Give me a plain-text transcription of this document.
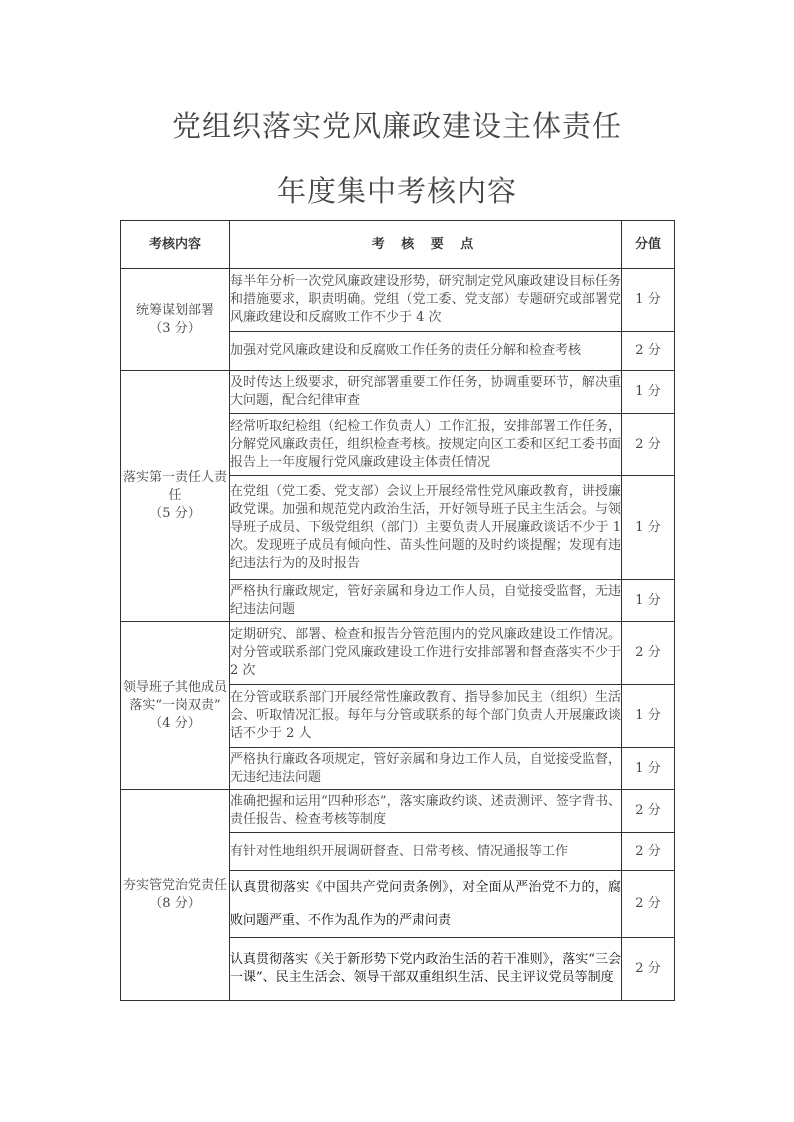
党组织落实党风廉政建设主体责任
年度集中考核内容
考核内容	考 核 要 点	分值

统筹谋划部署
（3 分）	每半年分析一次党风廉政建设形势，研究制定党风廉政建设目标任务和措施要求，职责明确。党组（党工委、党支部）专题研究或部署党风廉政建设和反腐败工作不少于 4 次	1 分
	加强对党风廉政建设和反腐败工作任务的责任分解和检查考核	2 分

落实第一责任人责任
（5 分）	及时传达上级要求，研究部署重要工作任务，协调重要环节，解决重大问题，配合纪律审查	1 分
	经常听取纪检组（纪检工作负责人）工作汇报，安排部署工作任务，分解党风廉政责任，组织检查考核。按规定向区工委和区纪工委书面报告上一年度履行党风廉政建设主体责任情况	2 分
	在党组（党工委、党支部）会议上开展经常性党风廉政教育，讲授廉政党课。加强和规范党内政治生活，开好领导班子民主生活会。与领导班子成员、下级党组织（部门）主要负责人开展廉政谈话不少于 1 次。发现班子成员有倾向性、苗头性问题的及时约谈提醒；发现有违纪违法行为的及时报告	1 分
	严格执行廉政规定，管好亲属和身边工作人员，自觉接受监督，无违纪违法问题	1 分

领导班子其他成员落实“一岗双责”
（4 分）	定期研究、部署、检查和报告分管范围内的党风廉政建设工作情况。对分管或联系部门党风廉政建设工作进行安排部署和督查落实不少于 2 次	2 分
	在分管或联系部门开展经常性廉政教育、指导参加民主（组织）生活会、听取情况汇报。每年与分管或联系的每个部门负责人开展廉政谈话不少于 2 人	1 分
	严格执行廉政各项规定，管好亲属和身边工作人员，自觉接受监督，无违纪违法问题	1 分

夯实管党治党责任
（8 分）	准确把握和运用“四种形态”，落实廉政约谈、述责测评、签字背书、责任报告、检查考核等制度	2 分
	有针对性地组织开展调研督查、日常考核、情况通报等工作	2 分
	认真贯彻落实《中国共产党问责条例》，对全面从严治党不力的，腐败问题严重、不作为乱作为的严肃问责	2 分
	认真贯彻落实《关于新形势下党内政治生活的若干准则》，落实“三会一课”、民主生活会、领导干部双重组织生活、民主评议党员等制度	2 分
